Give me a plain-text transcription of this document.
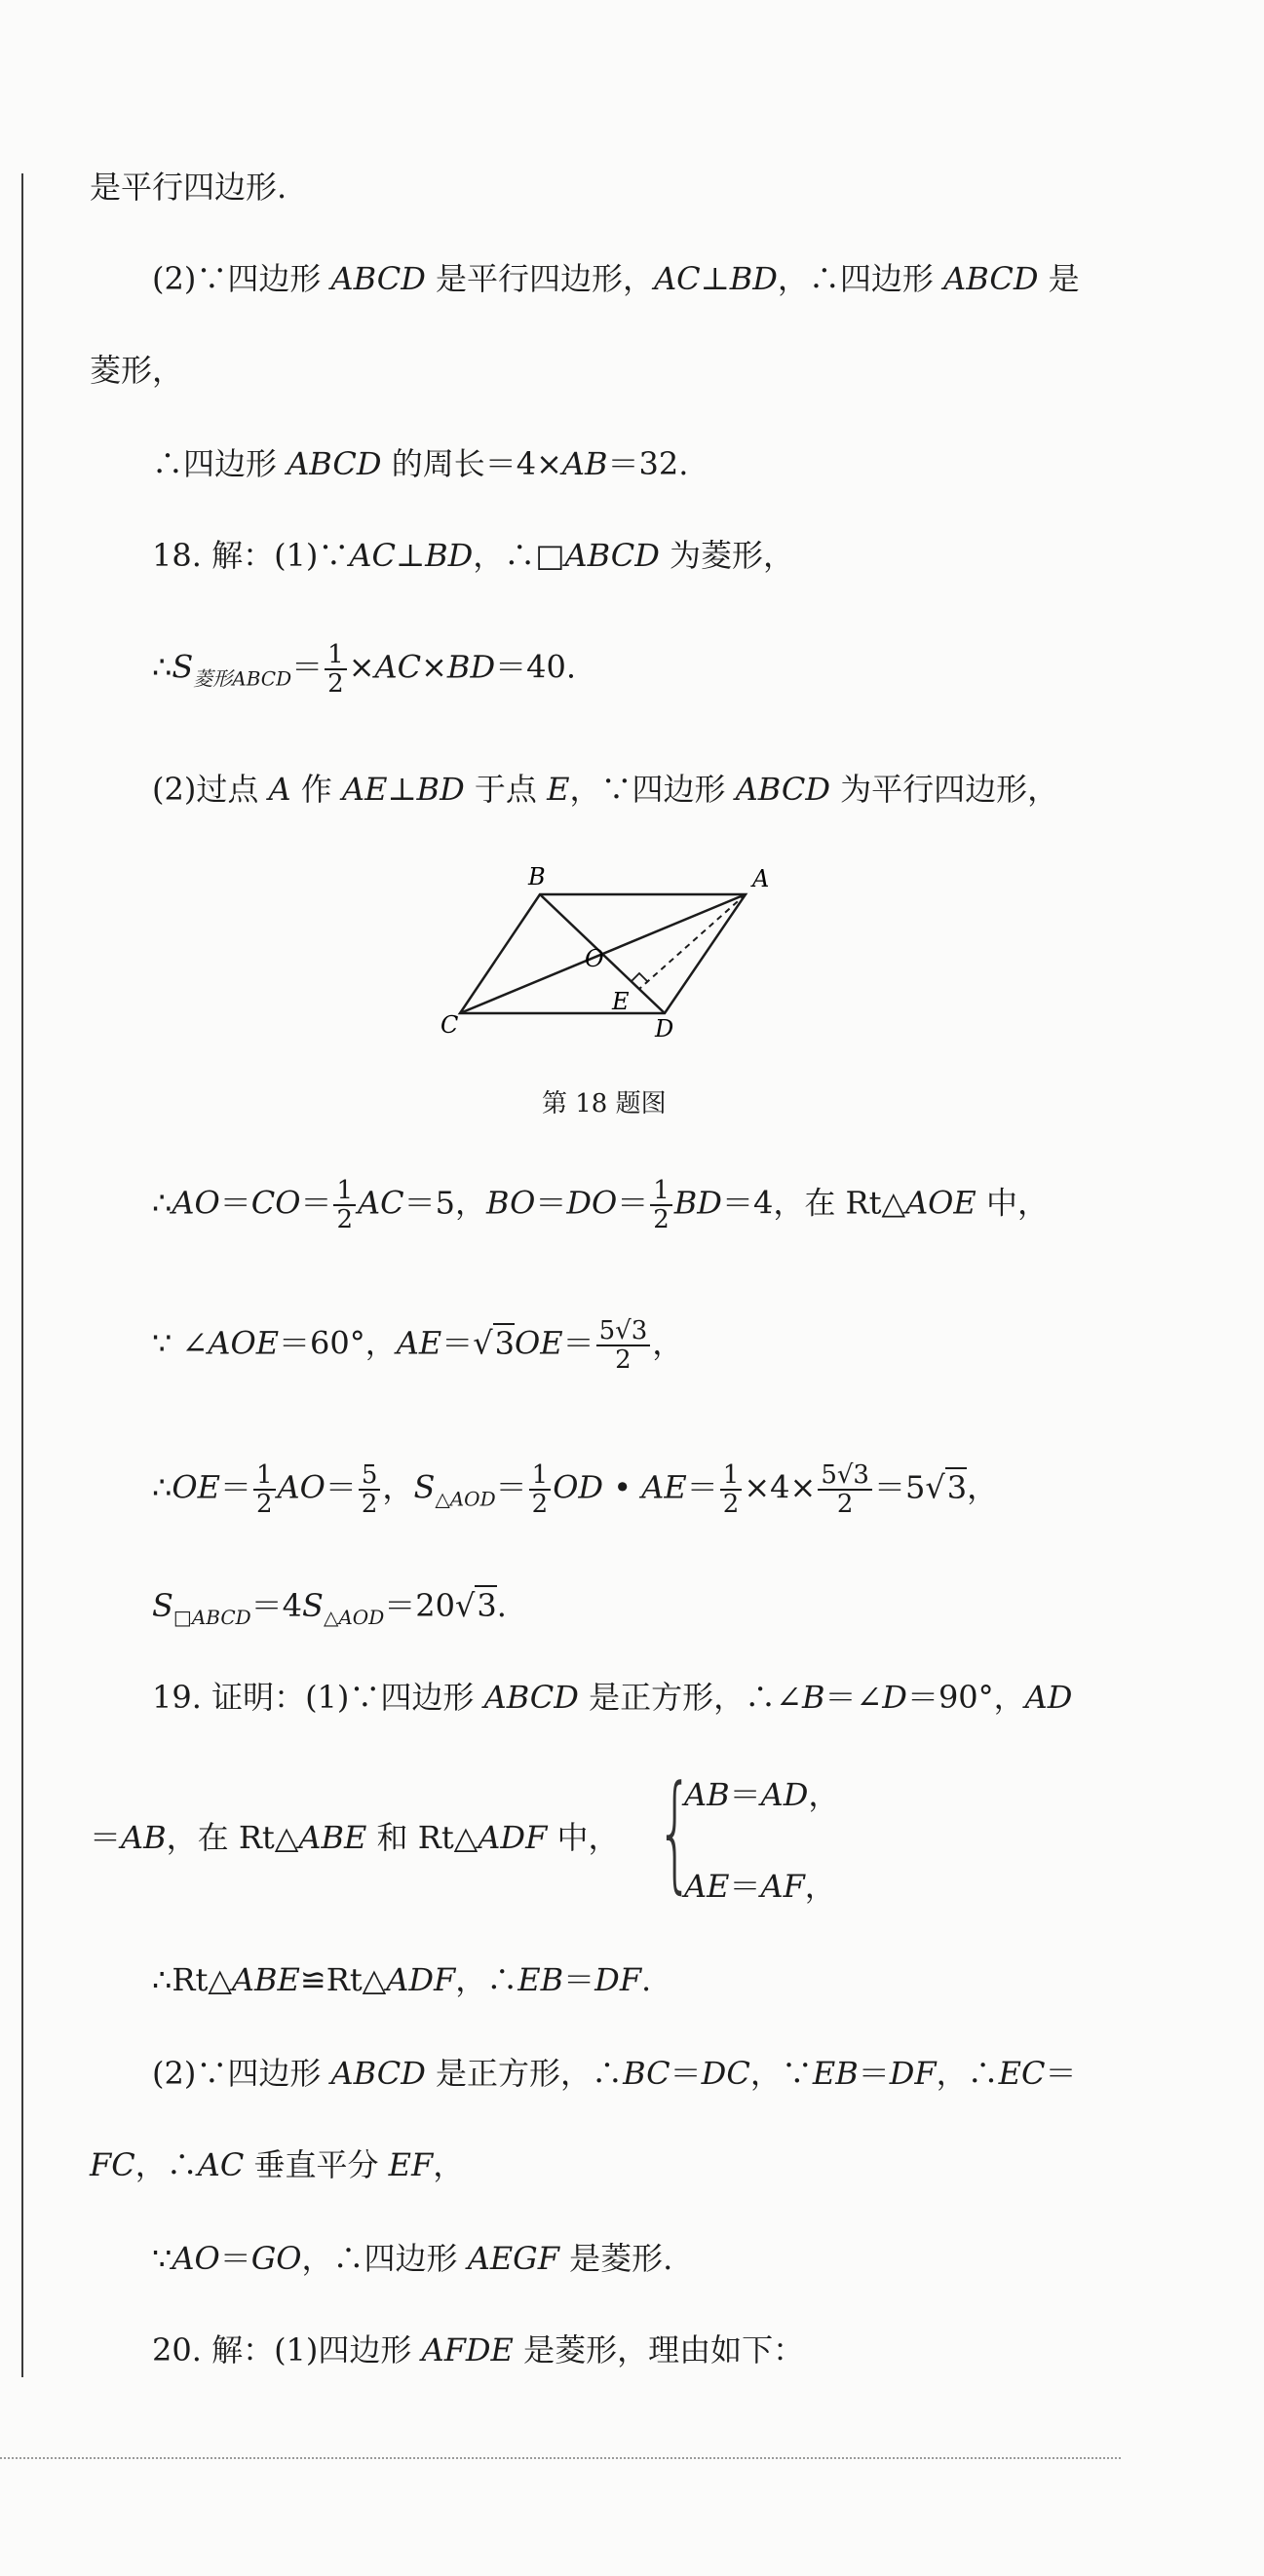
是平行四边形.
(2)∵四边形 ABCD 是平行四边形，AC⊥BD，∴四边形 ABCD 是
菱形，
∴四边形 ABCD 的周长＝4×AB＝32.
18. 解：(1)∵AC⊥BD，∴□ABCD 为菱形，
$\therefore S_{菱形ABCD}= \frac{1}{2} \times AC\times BD=40$.
(2)过点 A 作 AE⊥BD 于点 E，∵四边形 ABCD 为平行四边形，
B	A
C	D
E
O
第 18 题图
∴AO＝CO＝ $\frac{1}{2} AC=5$，$BO=DO= \frac{1}{2} BD=4$，在 Rt△AOE 中，
∵ ∠AOE＝60°，$AE=√3OE= \frac{5√3}{2}$ ，
∴OE＝ $\frac{1}{2} AO= \frac{5}{2}$ ，$S_{\triangle AOD}= \frac{1}{2}$ OD • $AE= \frac{1}{2} \times 4\times \frac{5√3}{2} =5√3$，
$S_{□ABCD}=4S_{\triangle AOD}=20√3$.
19. 证明：(1)∵四边形 ABCD 是正方形，∴∠B＝∠D＝90°，AD
＝AB，在 Rt△ABE 和 Rt△ADF 中， {
AB＝AD，
AE＝AF，
∴Rt△ABE≌Rt△ADF，∴EB＝DF.
(2)∵四边形 ABCD 是正方形，∴BC＝DC，∵EB＝DF，∴EC＝
FC，∴AC 垂直平分 EF，
∵AO＝GO，∴四边形 AEGF 是菱形.
20. 解：(1)四边形 AFDE 是菱形，理由如下：
